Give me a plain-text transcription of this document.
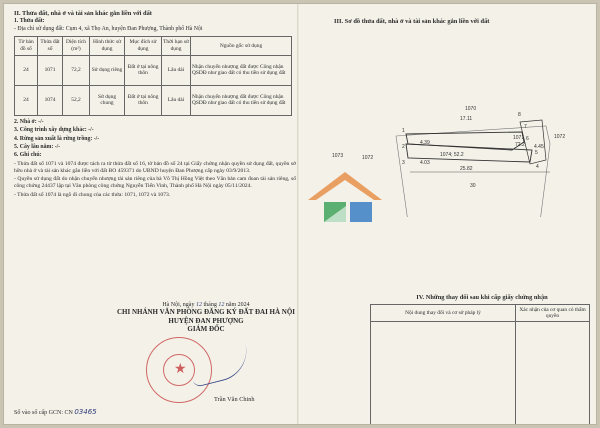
II. Thửa đất, nhà ở và tài sản khác gắn liền với đất

1. Thửa đất:

- Địa chỉ sử dụng đất: Cụm 4, xã Thọ An, huyện Đan Phượng, Thành phố Hà Nội

Tờ bản đồ số	Thửa đất số	Diện tích (m²)	Hình thức sử dụng	Mục đích sử dụng	Thời hạn sử dụng	Nguồn gốc sử dụng
24	1071	72,2	Sử dụng riêng	Đất ở tại nông thôn	Lâu dài	Nhận chuyển nhượng đất được Công nhận QSDĐ như giao đất có thu tiền sử dụng đất
24	1074	52,2	Sử dụng chung	Đất ở tại nông thôn	Lâu dài	Nhận chuyển nhượng đất được Công nhận QSDĐ như giao đất có thu tiền sử dụng đất

2. Nhà ở: -/-

3. Công trình xây dựng khác: -/-

4. Rừng sản xuất là rừng trồng: -/-

5. Cây lâu năm: -/-

6. Ghi chú:

- Thửa đất số 1071 và 1074 được tách ra từ thửa đất số 16, tờ bản đồ số 24 tại Giấy chứng nhận quyền sử dụng đất, quyền sở hữu nhà ở và tài sản khác gắn liền với đất BO 459371 do UBND huyện Đan Phượng cấp ngày 03/9/2013.

- Quyền sử dụng đất do nhận chuyển nhượng tài sản riêng của bà Võ Thị Hồng Việt theo Văn bản cam đoan tài sản riêng, số công chứng 24437 lập tại Văn phòng công chứng Nguyễn Tiến Vinh, Thành phố Hà Nội ngày 05/11/2024.

- Thửa đất số 1074 là ngõ đi chung của các thửa: 1071, 1072 và 1073.

Hà Nội, ngày 12 tháng 12 năm 2024
CHI NHÁNH VĂN PHÒNG ĐĂNG KÝ ĐẤT ĐAI HÀ NỘI
HUYỆN ĐAN PHƯỢNG
GIÁM ĐỐC
★
Trần Văn Chinh
Số vào sổ cấp GCN: CN 03465

III. Sơ đồ thửa đất, nhà ở và tài sản khác gắn liền với đất

1070
17.11
1072
1071
72.2
1074; 52.2
1073	1072
30
4.39
4.03
25.82
4.45
1
2
3
4
5
6
7
8

IV. Những thay đổi sau khi cấp giấy chứng nhận

Nội dung thay đổi và cơ sở pháp lý	Xác nhận của cơ quan có thẩm quyền
